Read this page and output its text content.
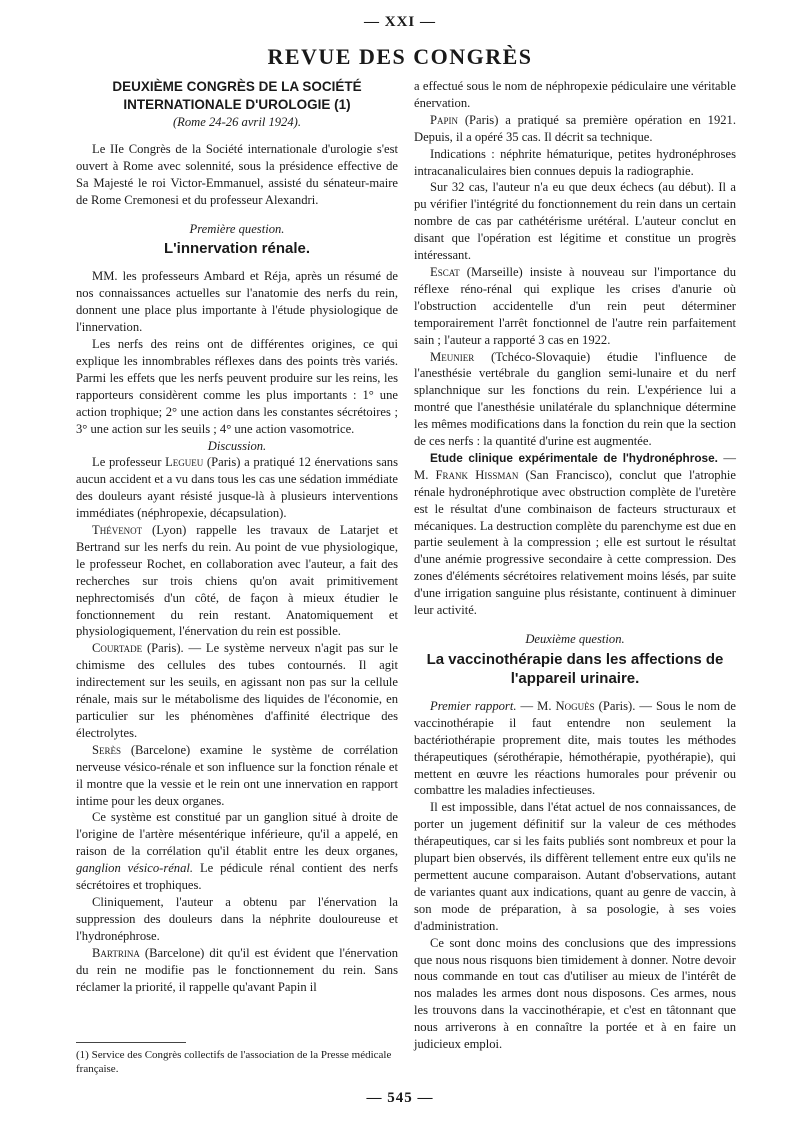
— XXI —
REVUE DES CONGRÈS
DEUXIÈME CONGRÈS DE LA SOCIÉTÉ
INTERNATIONALE D'UROLOGIE (1)
(Rome 24-26 avril 1924).

Le IIe Congrès de la Société internationale d'urologie s'est ouvert à Rome avec solennité, sous la présidence effective de Sa Majesté le roi Victor-Emmanuel, assisté du sénateur-maire de Rome Cremonesi et du professeur Alexandri.

Première question.
L'innervation rénale.

MM. les professeurs Ambard et Réja, après un résumé de nos connaissances actuelles sur l'anatomie des nerfs du rein, donnent une place plus importante à l'étude physiologique de l'innervation.

Les nerfs des reins ont de différentes origines, ce qui explique les innombrables réflexes dans des points très variés. Parmi les effets que les nerfs peuvent produire sur les reins, les rapporteurs considèrent comme les plus importants : 1° une action trophique; 2° une action dans les constantes sécrétoires ; 3° une action sur les seuils ; 4° une action vasomotrice.

Discussion.

Le professeur Legueu (Paris) a pratiqué 12 énervations sans aucun accident et a vu dans tous les cas une sédation immédiate des douleurs ayant résisté jusque-là à plusieurs interventions immédiates (néphropexie, décapsulation).

Thévenot (Lyon) rappelle les travaux de Latarjet et Bertrand sur les nerfs du rein. Au point de vue physiologique, le professeur Rochet, en collaboration avec l'auteur, a fait des recherches sur trois chiens qu'on avait primitivement nephrectomisés d'un côté, de façon à mieux étudier le fonctionnement du rein restant. Anatomiquement et physiologiquement, l'énervation du rein est possible.

Courtade (Paris). — Le système nerveux n'agit pas sur le chimisme des cellules des tubes contournés. Il agit indirectement sur les seuils, en agissant non pas sur la cellule rénale, mais sur le métabolisme des liquides de l'économie, en particulier sur les phénomènes d'affinité électrique des électrolytes.

Serès (Barcelone) examine le système de corrélation nerveuse vésico-rénale et son influence sur la fonction rénale et il montre que la vessie et le rein ont une innervation en rapport intime pour les deux organes.

Ce système est constitué par un ganglion situé à droite de l'origine de l'artère mésentérique inférieure, qu'il a appelé, en raison de la corrélation qu'il établit entre les deux organes, ganglion vésico-rénal. Le pédicule rénal contient des nerfs sécrétoires et trophiques.

Cliniquement, l'auteur a obtenu par l'énervation la suppression des douleurs dans la néphrite douloureuse et l'hydronéphrose.

Bartrina (Barcelone) dit qu'il est évident que l'énervation du rein ne modifie pas le fonctionnement du rein. Sans réclamer la priorité, il rappelle qu'avant Papin il

(1) Service des Congrès collectifs de l'association de la Presse médicale française.

a effectué sous le nom de néphropexie pédiculaire une véritable énervation.

Papin (Paris) a pratiqué sa première opération en 1921. Depuis, il a opéré 35 cas. Il décrit sa technique.

Indications : néphrite hématurique, petites hydronéphroses intracanaliculaires bien connues depuis la radiographie.

Sur 32 cas, l'auteur n'a eu que deux échecs (au début). Il a pu vérifier l'intégrité du fonctionnement du rein dans un certain nombre de cas par cathétérisme urétéral. L'auteur conclut en disant que l'opération est légitime et constitue un progrès intéressant.

Escat (Marseille) insiste à nouveau sur l'importance du réflexe réno-rénal qui explique les crises d'anurie où l'obstruction accidentelle d'un rein peut déterminer temporairement l'arrêt fonctionnel de l'autre rein parfaitement sain ; l'auteur a rapporté 3 cas en 1922.

Meunier (Tchéco-Slovaquie) étudie l'influence de l'anesthésie vertébrale du ganglion semi-lunaire et du nerf splanchnique sur les fonctions du rein. L'expérience lui a montré que l'anesthésie unilatérale du splanchnique détermine les mêmes modifications dans la fonction du rein que la section de ces nerfs : la quantité d'urine est augmentée.

Etude clinique expérimentale de l'hydronéphrose. — M. Frank Hissman (San Francisco), conclut que l'atrophie rénale hydronéphrotique avec obstruction complète de l'uretère est le résultat d'une combinaison de facteurs structuraux et mécaniques. La destruction complète du parenchyme est due en partie seulement à la compression ; elle est surtout le résultat d'une anémie progressive secondaire à cette compression. Des zones d'éléments sécrétoires relativement moins lésés, par suite d'une irrigation sanguine plus résistante, continuent à diminuer leur activité.

Deuxième question.
La vaccinothérapie dans les affections de
l'appareil urinaire.

Premier rapport. — M. Noguès (Paris). — Sous le nom de vaccinothérapie il faut entendre non seulement la bactériothérapie proprement dite, mais toutes les méthodes thérapeutiques (sérothérapie, hémothérapie, pyothérapie), qui mettent en œuvre les réactions humorales pour prévenir ou combattre les maladies infectieuses.

Il est impossible, dans l'état actuel de nos connaissances, de porter un jugement définitif sur la valeur de ces méthodes thérapeutiques, car si les faits publiés sont nombreux et pour la plupart bien observés, ils diffèrent tellement entre eux qu'ils ne permettent aucune comparaison. Autant d'observations, autant de variantes quant aux indications, quant au genre de vaccin, à son mode de préparation, à sa posologie, à ses voies d'administration.

Ce sont donc moins des conclusions que des impressions que nous nous risquons bien timidement à donner. Notre devoir nous commande en tout cas d'utiliser au mieux de l'intérêt de nos malades les armes dont nous disposons. Ces armes, nous les trouvons dans la vaccinothérapie, et c'est en tâtonnant que nous arriverons à en connaître la portée et à en faire un judicieux emploi.

— 545 —
